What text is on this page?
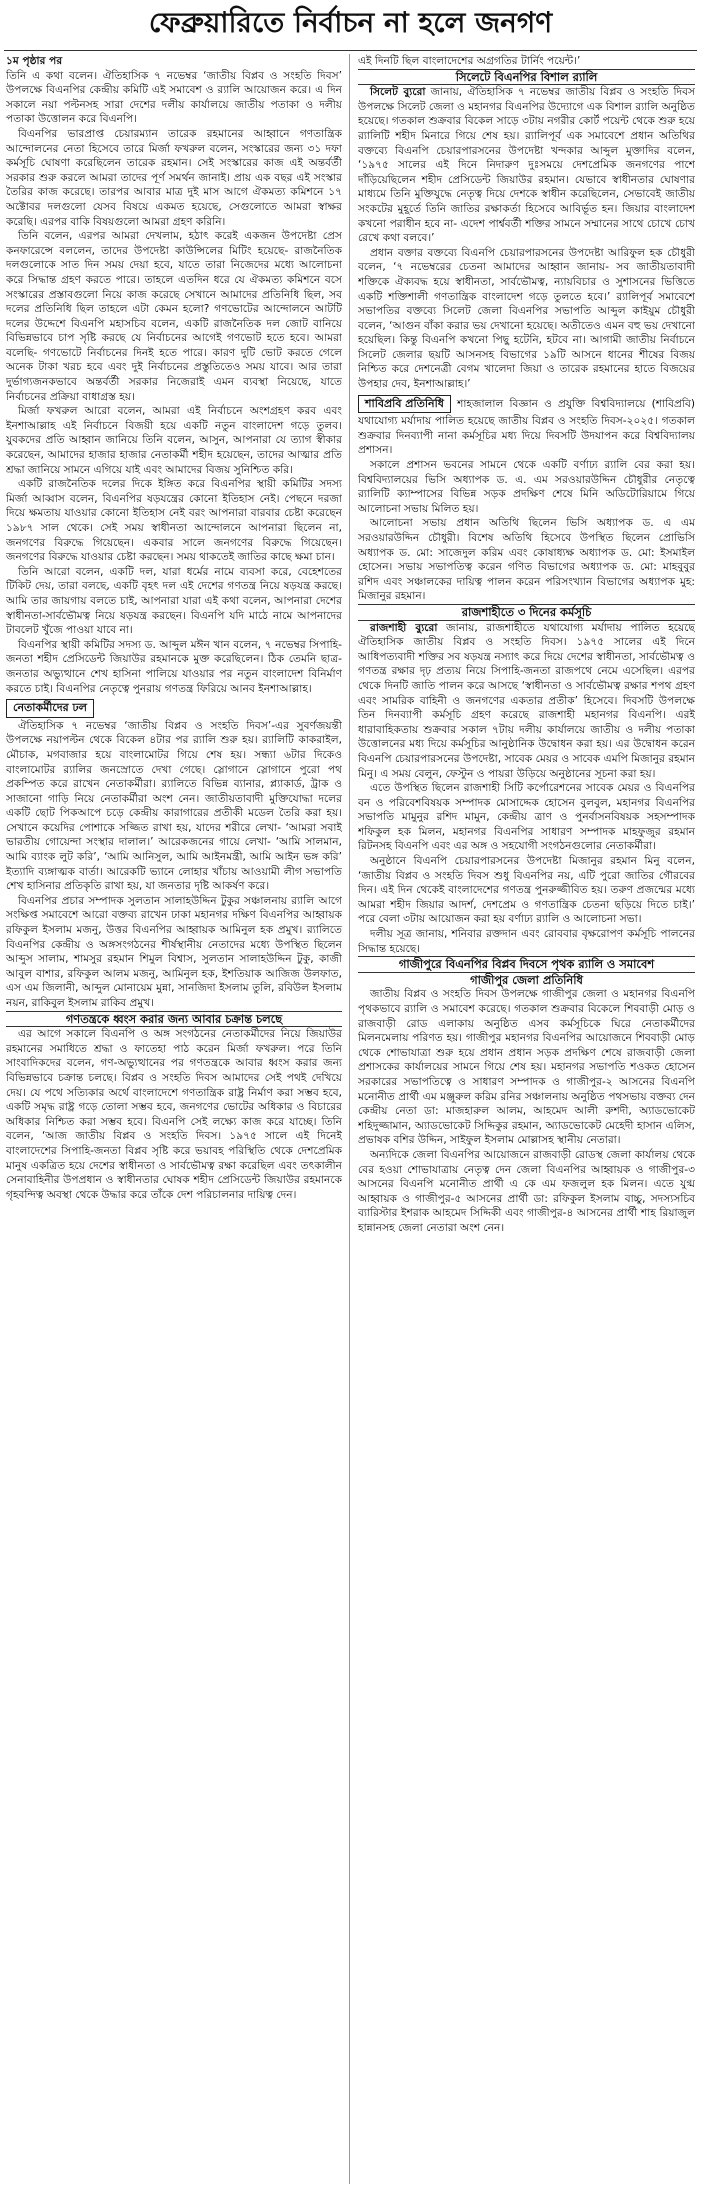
ফেব্রুয়ারিতে নির্বাচন না হলে জনগণ

১ম পৃষ্ঠার পর

তিনি এ কথা বলেন। ঐতিহাসিক ৭ নভেম্বর ‘জাতীয় বিপ্লব ও সংহতি দিবস’ উপলক্ষে বিএনপির কেন্দ্রীয় কমিটি এই সমাবেশ ও র‍্যালি আয়োজন করে। এ দিন সকালে নয়া পল্টনসহ সারা দেশের দলীয় কার্যালয়ে জাতীয় পতাকা ও দলীয় পতাকা উত্তোলন করে বিএনপি।

বিএনপির ভারপ্রাপ্ত চেয়ারম্যান তারেক রহমানের আহ্বানে গণতান্ত্রিক আন্দোলনের নেতা হিসেবে তারে মির্জা ফখরুল বলেন, সংস্কারের জন্য ৩১ দফা কর্মসূচি ঘোষণা করেছিলেন তারেক রহমান। সেই সংস্কারের কাজ এই অন্তর্বর্তী সরকার শুরু করলে আমরা তাদের পূর্ণ সমর্থন জানাই। প্রায় এক বছর এই সংস্কার তৈরির কাজ করেছে। তারপর আবার মাত্র দুই মাস আগে ঐকমত্য কমিশনে ১৭ অক্টোবর দলগুলো যেসব বিষয়ে একমত হয়েছে, সেগুলোতে আমরা স্বাক্ষর করেছি। এরপর বাকি বিষয়গুলো আমরা গ্রহণ করিনি।

তিনি বলেন, এরপর আমরা দেখলাম, হঠাৎ করেই একজন উপদেষ্টা প্রেস কনফারেন্সে বললেন, তাদের উপদেষ্টা কাউন্সিলের মিটিং হয়েছে- রাজনৈতিক দলগুলোকে সাত দিন সময় দেয়া হবে, যাতে তারা নিজেদের মধ্যে আলোচনা করে সিদ্ধান্ত গ্রহণ করতে পারে। তাহলে এতদিন ধরে যে ঐকমত্য কমিশনে বসে সংস্কারের প্রস্তাবগুলো নিয়ে কাজ করেছে সেখানে আমাদের প্রতিনিধি ছিল, সব দলের প্রতিনিধি ছিল তাহলে এটা কেমন হলো? গণভোটের আন্দোলনে আটটি দলের উদ্দেশে বিএনপি মহাসচিব বলেন, একটি রাজনৈতিক দল জোট বানিয়ে বিভিন্নভাবে চাপ সৃষ্টি করছে যে নির্বাচনের আগেই গণভোট হতে হবে। আমরা বলেছি- গণভোটে নির্বাচনের দিনই হতে পারে। কারণ দুটি ভোট করতে গেলে অনেক টাকা খরচ হবে এবং দুই নির্বাচনের প্রস্তুতিতেও সময় যাবে। আর তারা দুর্ভাগ্যজনকভাবে অন্তর্বর্তী সরকার নিজেরাই এমন ব্যবস্থা নিয়েছে, যাতে নির্বাচনের প্রক্রিয়া বাধাগ্রস্ত হয়।

মির্জা ফখরুল আরো বলেন, আমরা এই নির্বাচনে অংশগ্রহণ করব এবং ইনশাআল্লাহ এই নির্বাচনে বিজয়ী হয়ে একটি নতুন বাংলাদেশ গড়ে তুলব। যুবকদের প্রতি আহ্বান জানিয়ে তিনি বলেন, আসুন, আপনারা যে ত্যাগ স্বীকার করেছেন, আমাদের হাজার হাজার নেতাকর্মী শহীদ হয়েছেন, তাদের আত্মার প্রতি শ্রদ্ধা জানিয়ে সামনে এগিয়ে যাই এবং আমাদের বিজয় সুনিশ্চিত করি।

একটি রাজনৈতিক দলের দিকে ইঙ্গিত করে বিএনপির স্থায়ী কমিটির সদস্য মির্জা আব্বাস বলেন, বিএনপির ষড়যন্ত্রের কোনো ইতিহাস নেই। পেছনে দরজা দিয়ে ক্ষমতায় যাওয়ার কোনো ইতিহাস নেই বরং আপনারা বারবার চেষ্টা করেছেন ১৯৮৭ সাল থেকে। সেই সময় স্বাধীনতা আন্দোলনে আপনারা ছিলেন না, জনগণের বিরুদ্ধে গিয়েছেন। একবার সালে জনগণের বিরুদ্ধে গিয়েছেন। জনগণের বিরুদ্ধে যাওয়ার চেষ্টা করছেন। সময় থাকতেই জাতির কাছে ক্ষমা চান।

তিনি আরো বলেন, একটি দল, যারা ধর্মের নামে ব্যবসা করে, বেহেশতের টিকিট দেয়, তারা বলছে, একটি বৃহৎ দল এই দেশের গণতন্ত্র নিয়ে ষড়যন্ত্র করছে। আমি তার জায়গায় বলতে চাই, আপনারা যারা এই কথা বলেন, আপনারা দেশের স্বাধীনতা-সার্বভৌমত্ব নিয়ে ষড়যন্ত্র করছেন। বিএনপি যদি মাঠে নামে আপনাদের টাবলেট খুঁজে পাওয়া যাবে না।

বিএনপির স্থায়ী কমিটির সদস্য ড. আব্দুল মঈন খান বলেন, ৭ নভেম্বর সিপাহি-জনতা শহীদ প্রেসিডেন্ট জিয়াউর রহমানকে মুক্ত করেছিলেন। ঠিক তেমনি ছাত্র-জনতার অভ্যুত্থানে শেখ হাসিনা পালিয়ে যাওয়ার পর নতুন বাংলাদেশ বিনির্মাণ করতে চাই। বিএনপির নেতৃত্বে পুনরায় গণতন্ত্র ফিরিয়ে আনব ইনশাআল্লাহ।

নেতাকর্মীদের ঢল

ঐতিহাসিক ৭ নভেম্বর ‘জাতীয় বিপ্লব ও সংহতি দিবস’-এর সুবর্ণজয়ন্তী উপলক্ষে নয়াপল্টন থেকে বিকেল ৪টার পর র‍্যালি শুরু হয়। র‍্যালিটি কাকরাইল, মৌচাক, মগবাজার হয়ে বাংলামোটর গিয়ে শেষ হয়। সন্ধ্যা ৬টার দিকেও বাংলামোটর র‍্যালির জনস্রোতে দেখা গেছে। স্লোগানে স্লোগানে পুরো পথ প্রকম্পিত করে রাখেন নেতাকর্মীরা। র‍্যালিতে বিভিন্ন ব্যানার, প্ল্যাকার্ড, ট্রাক ও সাজানো গাড়ি নিয়ে নেতাকর্মীরা অংশ নেন। জাতীয়তাবাদী মুক্তিযোদ্ধা দলের একটি ছোট পিকআপে চড়ে কেন্দ্রীয় কারাগারের প্রতীকী মডেল তৈরি করা হয়। সেখানে কয়েদির পোশাকে সজ্জিত রাখা হয়, যাদের শরীরে লেখা- ‘আমরা সবাই ভারতীয় গোয়েন্দা সংস্থার দালাল।’ আরেকজনের গায়ে লেখা- ‘আমি সালমান, আমি ব্যাংক লুট করি’, ‘আমি আনিসুল, আমি আইনমন্ত্রী, আমি আইন ভঙ্গ করি’ ইত্যাদি ব্যঙ্গাত্মক বার্তা। আরেকটি ভ্যানে লোহার খাঁচায় আওয়ামী লীগ সভাপতি শেখ হাসিনার প্রতিকৃতি রাখা হয়, যা জনতার দৃষ্টি আকর্ষণ করে।

বিএনপির প্রচার সম্পাদক সুলতান সালাহউদ্দিন টুকুর সঞ্চালনায় র‍্যালি আগে সংক্ষিপ্ত সমাবেশে আরো বক্তব্য রাখেন ঢাকা মহানগর দক্ষিণ বিএনপির আহ্বায়ক রফিকুল ইসলাম মজনু, উত্তর বিএনপির আহ্বায়ক আমিনুল হক প্রমুখ। র‍্যালিতে বিএনপির কেন্দ্রীয় ও অঙ্গসংগঠনের শীর্ষস্থানীয় নেতাদের মধ্যে উপস্থিত ছিলেন আব্দুস সালাম, শামসুর রহমান শিমুল বিশ্বাস, সুলতান সালাহউদ্দিন টুকু, কাজী আবুল বাশার, রফিকুল আলম মজনু, আমিনুল হক, ইশতিয়াক আজিজ উলফাত, এস এম জিলানী, আব্দুল মোনায়েম মুন্না, সানজিদা ইসলাম তুলি, রবিউল ইসলাম নয়ন, রাকিবুল ইসলাম রাকিব প্রমুখ।

গণতন্ত্রকে ধ্বংস করার জন্য আবার চক্রান্ত চলছে

এর আগে সকালে বিএনপি ও অঙ্গ সংগঠনের নেতাকর্মীদের নিয়ে জিয়াউর রহমানের সমাধিতে শ্রদ্ধা ও ফাতেহা পাঠ করেন মির্জা ফখরুল। পরে তিনি সাংবাদিকদের বলেন, গণ-অভ্যুত্থানের পর গণতন্ত্রকে আবার ধ্বংস করার জন্য বিভিন্নভাবে চক্রান্ত চলছে। বিপ্লব ও সংহতি দিবস আমাদের সেই পথই দেখিয়ে দেয়। যে পথে সত্যিকার অর্থে বাংলাদেশে গণতান্ত্রিক রাষ্ট্র নির্মাণ করা সম্ভব হবে, একটি সমৃদ্ধ রাষ্ট্র গড়ে তোলা সম্ভব হবে, জনগণের ভোটের অধিকার ও বিচারের অধিকার নিশ্চিত করা সম্ভব হবে। বিএনপি সেই লক্ষ্যে কাজ করে যাচ্ছে। তিনি বলেন, ‘আজ জাতীয় বিপ্লব ও সংহতি দিবস। ১৯৭৫ সালে এই দিনেই বাংলাদেশের সিপাহি-জনতা বিপ্লব সৃষ্টি করে ভয়াবহ পরিস্থিতি থেকে দেশপ্রেমিক মানুষ একত্রিত হয়ে দেশের স্বাধীনতা ও সার্বভৌমত্ব রক্ষা করেছিল এবং তৎকালীন সেনাবাহিনীর উপপ্রধান ও স্বাধীনতার ঘোষক শহীদ প্রেসিডেন্ট জিয়াউর রহমানকে গৃহবন্দিত্ব অবস্থা থেকে উদ্ধার করে তাঁকে দেশ পরিচালনার দায়িত্ব দেন।

এই দিনটি ছিল বাংলাদেশের অগ্রগতির টার্নিং পয়েন্ট।’

সিলেটে বিএনপির বিশাল র‍্যালি

সিলেট ব্যুরো জানায়, ঐতিহাসিক ৭ নভেম্বর জাতীয় বিপ্লব ও সংহতি দিবস উপলক্ষে সিলেট জেলা ও মহানগর বিএনপির উদ্যোগে এক বিশাল র‍্যালি অনুষ্ঠিত হয়েছে। গতকাল শুক্রবার বিকেল সাড়ে ৩টায় নগরীর কোর্ট পয়েন্ট থেকে শুরু হয়ে র‍্যালিটি শহীদ মিনারে গিয়ে শেষ হয়। র‍্যালিপূর্ব এক সমাবেশে প্রধান অতিথির বক্তব্যে বিএনপি চেয়ারপারসনের উপদেষ্টা খন্দকার আব্দুল মুক্তাদির বলেন, ‘১৯৭৫ সালের এই দিনে নিদারুণ দুঃসময়ে দেশপ্রেমিক জনগণের পাশে দাঁড়িয়েছিলেন শহীদ প্রেসিডেন্ট জিয়াউর রহমান। যেভাবে স্বাধীনতার ঘোষণার মাধ্যমে তিনি মুক্তিযুদ্ধে নেতৃত্ব দিয়ে দেশকে স্বাধীন করেছিলেন, সেভাবেই জাতীয় সংকটের মুহূর্তে তিনি জাতির রক্ষাকর্তা হিসেবে আবির্ভূত হন। জিয়ার বাংলাদেশ কখনো পরাধীন হবে না- এদেশ পার্শ্ববর্তী শক্তির সামনে সম্মানের সাথে চোখে চোখ রেখে কথা বলবে।’

প্রধান বক্তার বক্তব্যে বিএনপি চেয়ারপারসনের উপদেষ্টা আরিফুল হক চৌধুরী বলেন, ‘৭ নভেম্বরের চেতনা আমাদের আহ্বান জানায়- সব জাতীয়তাবাদী শক্তিকে ঐক্যবদ্ধ হয়ে স্বাধীনতা, সার্বভৌমত্ব, ন্যায়বিচার ও সুশাসনের ভিত্তিতে একটি শক্তিশালী গণতান্ত্রিক বাংলাদেশ গড়ে তুলতে হবে।’ র‍্যালিপূর্ব সমাবেশে সভাপতির বক্তব্যে সিলেট জেলা বিএনপির সভাপতি আব্দুল কাইয়ুম চৌধুরী বলেন, ‘আগুন বাঁকা করার ভয় দেখানো হয়েছে। অতীতেও এমন বহু ভয় দেখানো হয়েছিল। কিন্তু বিএনপি কখনো পিছু হটেনি, হটবে না। আগামী জাতীয় নির্বাচনে সিলেট জেলার ছয়টি আসনসহ বিভাগের ১৯টি আসনে ধানের শীষের বিজয় নিশ্চিত করে দেশনেত্রী বেগম খালেদা জিয়া ও তারেক রহমানের হাতে বিজয়ের উপহার দেব, ইনশাআল্লাহ।’

শাবিপ্রবি প্রতিনিধি শাহজালাল বিজ্ঞান ও প্রযুক্তি বিশ্ববিদ্যালয়ে (শাবিপ্রবি) যথাযোগ্য মর্যাদায় পালিত হয়েছে জাতীয় বিপ্লব ও সংহতি দিবস-২০২৫। গতকাল শুক্রবার দিনব্যাপী নানা কর্মসূচির মধ্য দিয়ে দিবসটি উদযাপন করে বিশ্ববিদ্যালয় প্রশাসন।

সকালে প্রশাসন ভবনের সামনে থেকে একটি বর্ণাঢ্য র‍্যালি বের করা হয়। বিশ্ববিদ্যালয়ের ভিসি অধ্যাপক ড. এ. এম সরওয়ারউদ্দিন চৌধুরীর নেতৃত্বে র‍্যালিটি ক্যাম্পাসের বিভিন্ন সড়ক প্রদক্ষিণ শেষে মিনি অডিটোরিয়ামে গিয়ে আলোচনা সভায় মিলিত হয়।

আলোচনা সভায় প্রধান অতিথি ছিলেন ভিসি অধ্যাপক ড. এ এম সরওয়ারউদ্দিন চৌধুরী। বিশেষ অতিথি হিসেবে উপস্থিত ছিলেন প্রোভিসি অধ্যাপক ড. মো: সাজেদুল করিম এবং কোষাধ্যক্ষ অধ্যাপক ড. মো: ইসমাইল হোসেন। সভায় সভাপতিত্ব করেন গণিত বিভাগের অধ্যাপক ড. মো: মাহবুবুর রশিদ এবং সঞ্চালকের দায়িত্ব পালন করেন পরিসংখ্যান বিভাগের অধ্যাপক মুহ: মিজানুর রহমান।

রাজশাহীতে ৩ দিনের কর্মসূচি

রাজশাহী ব্যুরো জানায়, রাজশাহীতে যথাযোগ্য মর্যাদায় পালিত হয়েছে ঐতিহাসিক জাতীয় বিপ্লব ও সংহতি দিবস। ১৯৭৫ সালের এই দিনে আধিপত্যবাদী শক্তির সব ষড়যন্ত্র নস্যাৎ করে দিয়ে দেশের স্বাধীনতা, সার্বভৌমত্ব ও গণতন্ত্র রক্ষার দৃঢ় প্রত্যয় নিয়ে সিপাহি-জনতা রাজপথে নেমে এসেছিল। এরপর থেকে দিনটি জাতি পালন করে আসছে ‘স্বাধীনতা ও সার্বভৌমত্ব রক্ষার শপথ গ্রহণ এবং সামরিক বাহিনী ও জনগণের একতার প্রতীক’ হিসেবে। দিবসটি উপলক্ষে তিন দিনব্যাপী কর্মসূচি গ্রহণ করেছে রাজশাহী মহানগর বিএনপি। এরই ধারাবাহিকতায় শুক্রবার সকাল ৭টায় দলীয় কার্যালয়ে জাতীয় ও দলীয় পতাকা উত্তোলনের মধ্য দিয়ে কর্মসূচির আনুষ্ঠানিক উদ্বোধন করা হয়। এর উদ্বোধন করেন বিএনপি চেয়ারপারসনের উপদেষ্টা, সাবেক মেয়র ও সাবেক এমপি মিজানুর রহমান মিনু। এ সময় বেলুন, ফেস্টুন ও পায়রা উড়িয়ে অনুষ্ঠানের সূচনা করা হয়।

এতে উপস্থিত ছিলেন রাজশাহী সিটি কর্পোরেশনের সাবেক মেয়র ও বিএনপির বন ও পরিবেশবিষয়ক সম্পাদক মোসাদ্দেক হোসেন বুলবুল, মহানগর বিএনপির সভাপতি মামুনুর রশিদ মামুন, কেন্দ্রীয় ত্রাণ ও পুনর্বাসনবিষয়ক সহসম্পাদক শফিকুল হক মিলন, মহানগর বিএনপির সাধারণ সম্পাদক মাহফুজুর রহমান রিটনসহ বিএনপি এবং এর অঙ্গ ও সহযোগী সংগঠনগুলোর নেতাকর্মীরা।

অনুষ্ঠানে বিএনপি চেয়ারপারসনের উপদেষ্টা মিজানুর রহমান মিনু বলেন, ‘জাতীয় বিপ্লব ও সংহতি দিবস শুধু বিএনপির নয়, এটি পুরো জাতির গৌরবের দিন। এই দিন থেকেই বাংলাদেশের গণতন্ত্র পুনরুজ্জীবিত হয়। তরুণ প্রজন্মের মধ্যে আমরা শহীদ জিয়ার আদর্শ, দেশপ্রেম ও গণতান্ত্রিক চেতনা ছড়িয়ে দিতে চাই।’ পরে বেলা ৩টায় আয়োজন করা হয় বর্ণাঢ্য র‍্যালি ও আলোচনা সভা।

দলীয় সূত্র জানায়, শনিবার রক্তদান এবং রোববার বৃক্ষরোপণ কর্মসূচি পালনের সিদ্ধান্ত হয়েছে।

গাজীপুরে বিএনপির বিপ্লব দিবসে পৃথক র‍্যালি ও সমাবেশ

গাজীপুর জেলা প্রতিনিধি

জাতীয় বিপ্লব ও সংহতি দিবস উপলক্ষে গাজীপুর জেলা ও মহানগর বিএনপি পৃথকভাবে র‍্যালি ও সমাবেশ করেছে। গতকাল শুক্রবার বিকেলে শিববাড়ী মোড় ও রাজবাড়ী রোড এলাকায় অনুষ্ঠিত এসব কর্মসূচিকে ঘিরে নেতাকর্মীদের মিলনমেলায় পরিণত হয়। গাজীপুর মহানগর বিএনপির আয়োজনে শিববাড়ী মোড় থেকে শোভাযাত্রা শুরু হয়ে প্রধান প্রধান সড়ক প্রদক্ষিণ শেষে রাজবাড়ী জেলা প্রশাসকের কার্যালয়ের সামনে গিয়ে শেষ হয়। মহানগর সভাপতি শওকত হোসেন সরকারের সভাপতিত্বে ও সাধারণ সম্পাদক ও গাজীপুর-২ আসনের বিএনপি মনোনীত প্রার্থী এম মঞ্জুরুল করিম রনির সঞ্চালনায় অনুষ্ঠিত পথসভায় বক্তব্য দেন কেন্দ্রীয় নেতা ডা: মাজহারুল আলম, আহমেদ আলী রুশদী, অ্যাডভোকেট শহিদুজ্জামান, অ্যাডভোকেট সিদ্দিকুর রহমান, অ্যাডভোকেট মেহেদী হাসান এলিস, প্রভাষক বশির উদ্দিন, সাইফুল ইসলাম মোল্লাসহ স্থানীয় নেতারা।

অন্যদিকে জেলা বিএনপির আয়োজনে রাজবাড়ী রোডস্থ জেলা কার্যালয় থেকে বের হওয়া শোভাযাত্রায় নেতৃত্ব দেন জেলা বিএনপির আহ্বায়ক ও গাজীপুর-৩ আসনের বিএনপি মনোনীত প্রার্থী এ কে এম ফজলুল হক মিলন। এতে যুগ্ম আহ্বায়ক ও গাজীপুর-৫ আসনের প্রার্থী ডা: রফিকুল ইসলাম বাচ্চু, সদস্যসচিব ব্যারিস্টার ইশরাক আহমেদ সিদ্দিকী এবং গাজীপুর-৪ আসনের প্রার্থী শাহ রিয়াজুল হান্নানসহ জেলা নেতারা অংশ নেন।
